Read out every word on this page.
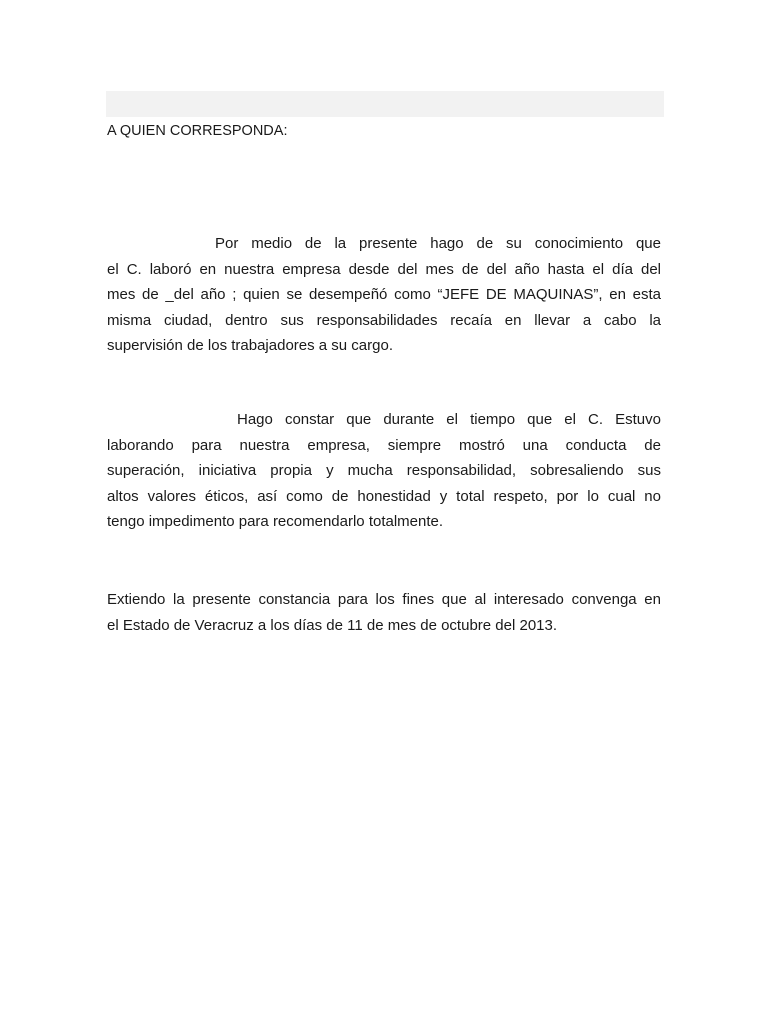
A QUIEN CORRESPONDA:
Por medio de la presente hago de su conocimiento que
el C. laboró en nuestra empresa desde del mes de del año hasta el día del
mes de _del año ; quien se desempeñó como “JEFE DE MAQUINAS”, en esta
misma ciudad, dentro sus responsabilidades recaía en llevar a cabo la
supervisión de los trabajadores a su cargo.
Hago constar que durante el tiempo que el C. Estuvo
laborando para nuestra empresa, siempre mostró una conducta de
superación, iniciativa propia y mucha responsabilidad, sobresaliendo sus
altos valores éticos, así como de honestidad y total respeto, por lo cual no
tengo impedimento para recomendarlo totalmente.
Extiendo la presente constancia para los fines que al interesado convenga en
el Estado de Veracruz a los días de 11 de mes de octubre del 2013.
